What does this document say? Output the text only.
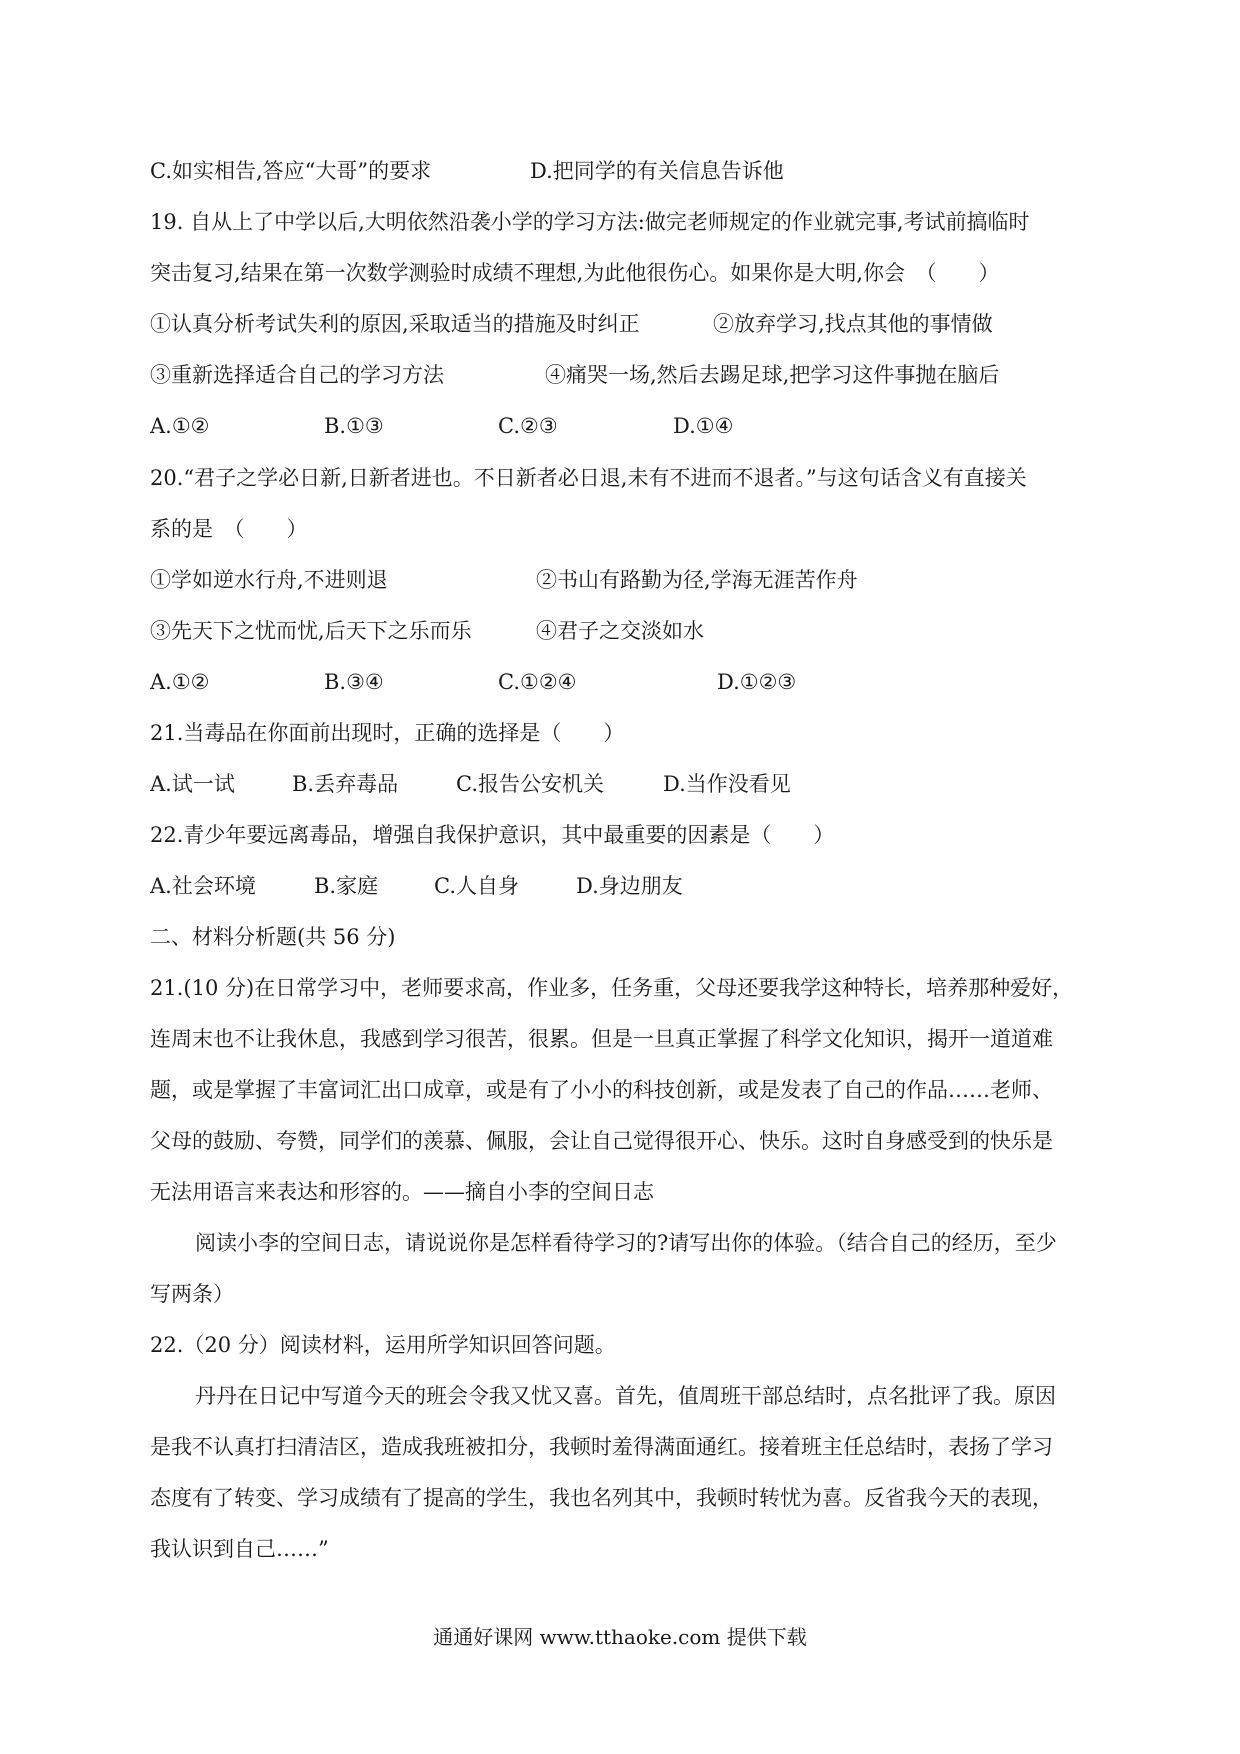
C.如实相告,答应“大哥”的要求	D.把同学的有关信息告诉他
19. 自从上了中学以后,大明依然沿袭小学的学习方法:做完老师规定的作业就完事,考试前搞临时
突击复习,结果在第一次数学测验时成绩不理想,为此他很伤心。如果你是大明,你会　（　　）
①认真分析考试失利的原因,采取适当的措施及时纠正	②放弃学习,找点其他的事情做
③重新选择适合自己的学习方法	④痛哭一场,然后去踢足球,把学习这件事抛在脑后
A.①②	B.①③	C.②③	D.①④
20.“君子之学必日新,日新者进也。不日新者必日退,未有不进而不退者。”与这句话含义有直接关
系的是　（　　）
①学如逆水行舟,不进则退	②书山有路勤为径,学海无涯苦作舟
③先天下之忧而忧,后天下之乐而乐	④君子之交淡如水
A.①②	B.③④	C.①②④	D.①②③
21.当毒品在你面前出现时，正确的选择是（　　）
A.试一试	B.丢弃毒品	C.报告公安机关	D.当作没看见
22.青少年要远离毒品，增强自我保护意识，其中最重要的因素是（　　）
A.社会环境	B.家庭	C.人自身	D.身边朋友
二、材料分析题(共 56 分)
21.(10 分)在日常学习中，老师要求高，作业多，任务重，父母还要我学这种特长，培养那种爱好，
连周末也不让我休息，我感到学习很苦，很累。但是一旦真正掌握了科学文化知识，揭开一道道难
题，或是掌握了丰富词汇出口成章，或是有了小小的科技创新，或是发表了自己的作品……老师、
父母的鼓励、夸赞，同学们的羡慕、佩服，会让自己觉得很开心、快乐。这时自身感受到的快乐是
无法用语言来表达和形容的。——摘自小李的空间日志
阅读小李的空间日志，请说说你是怎样看待学习的?请写出你的体验。（结合自己的经历，至少
写两条）
22.（20 分）阅读材料，运用所学知识回答问题。
丹丹在日记中写道今天的班会令我又忧又喜。首先，值周班干部总结时，点名批评了我。原因
是我不认真打扫清洁区，造成我班被扣分，我顿时羞得满面通红。接着班主任总结时，表扬了学习
态度有了转变、学习成绩有了提高的学生，我也名列其中，我顿时转忧为喜。反省我今天的表现，
我认识到自己……”
通通好课网 www.tthaoke.com 提供下载
